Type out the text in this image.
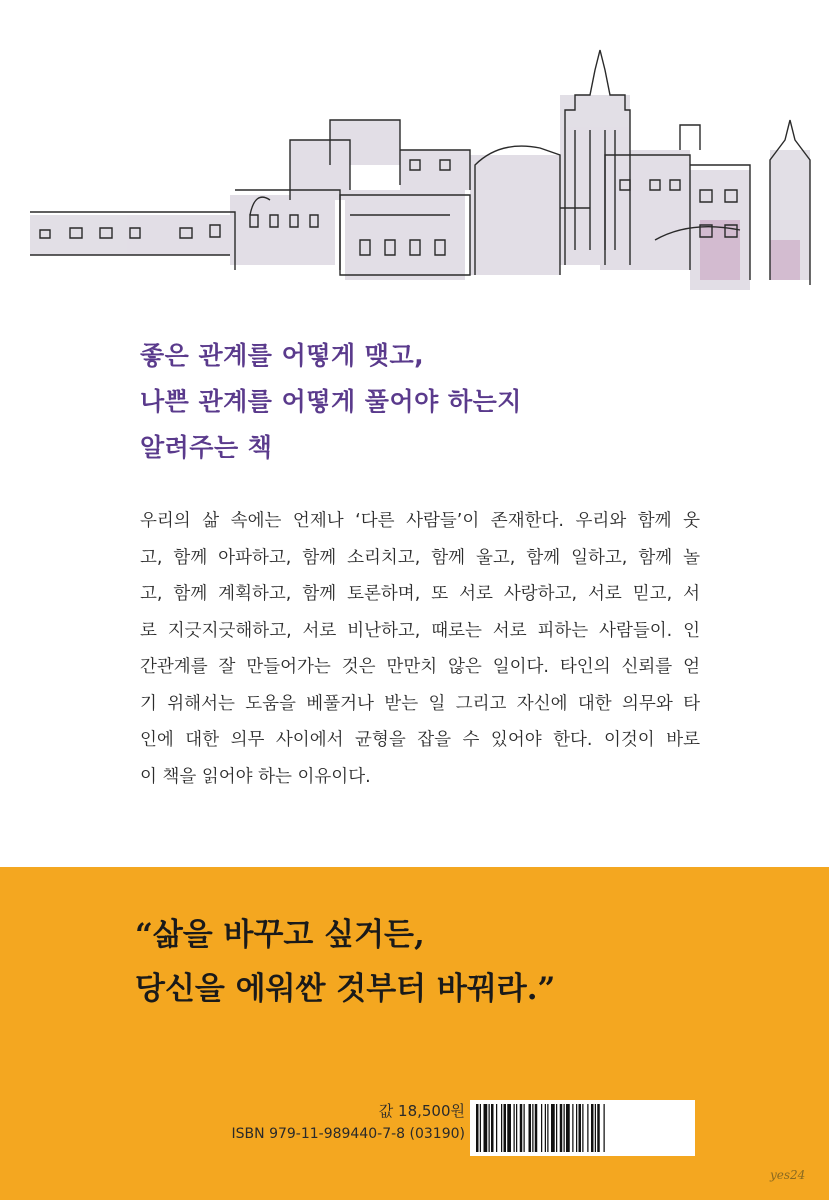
좋은 관계를 어떻게 맺고,
나쁜 관계를 어떻게 풀어야 하는지
알려주는 책
우리의 삶 속에는 언제나 ‘다른 사람들’이 존재한다. 우리와 함께 웃
고, 함께 아파하고, 함께 소리치고, 함께 울고, 함께 일하고, 함께 놀
고, 함께 계획하고, 함께 토론하며, 또 서로 사랑하고, 서로 믿고, 서
로 지긋지긋해하고, 서로 비난하고, 때로는 서로 피하는 사람들이. 인
간관계를 잘 만들어가는 것은 만만치 않은 일이다. 타인의 신뢰를 얻
기 위해서는 도움을 베풀거나 받는 일 그리고 자신에 대한 의무와 타
인에 대한 의무 사이에서 균형을 잡을 수 있어야 한다. 이것이 바로
이 책을 읽어야 하는 이유이다.
“삶을 바꾸고 싶거든,
당신을 에워싼 것부터 바꿔라.”
값 18,500원
ISBN 979-11-989440-7-8 (03190)
yes24
